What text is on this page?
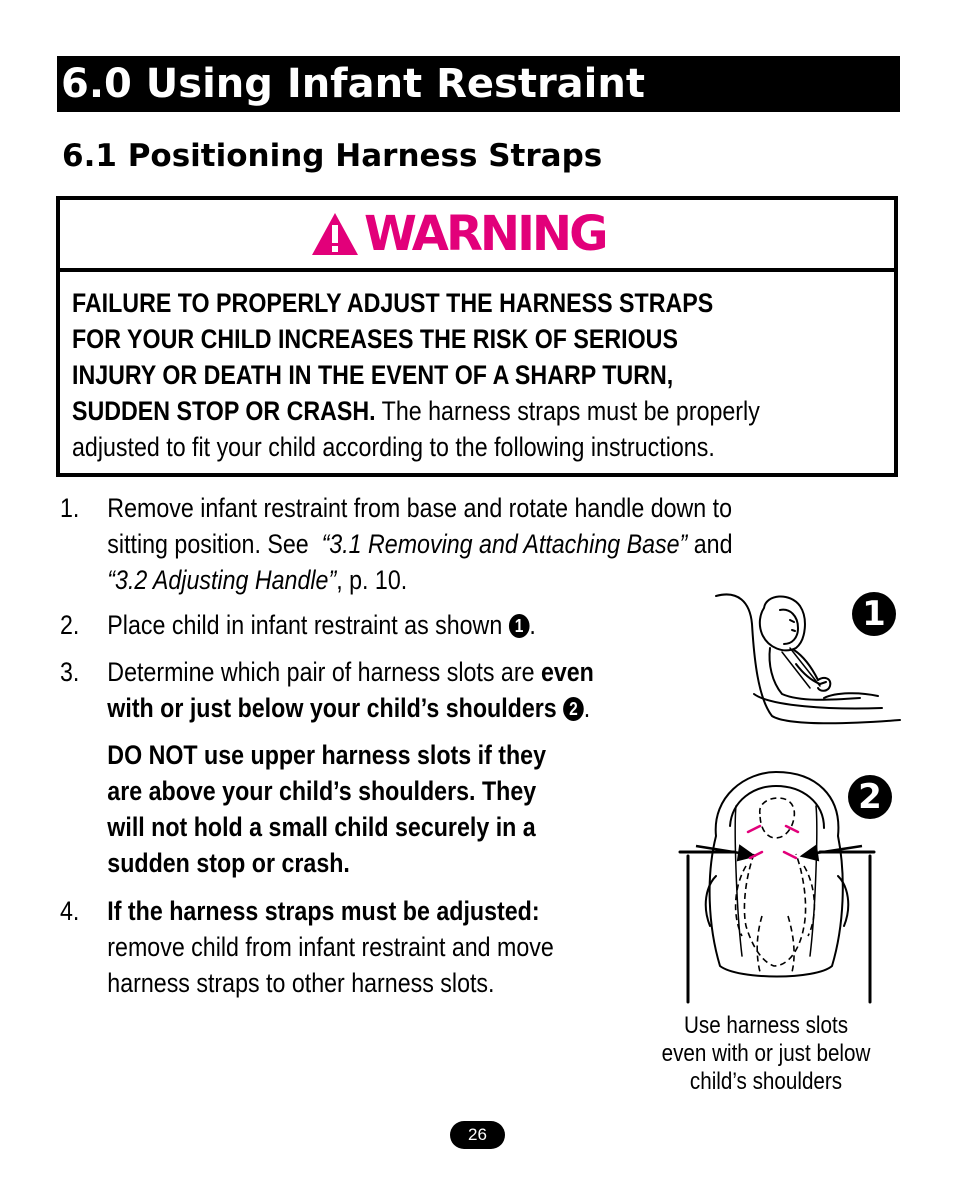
6.0 Using Infant Restraint
6.1 Positioning Harness Straps
WARNING
FAILURE TO PROPERLY ADJUST THE HARNESS STRAPS
FOR YOUR CHILD INCREASES THE RISK OF SERIOUS
INJURY OR DEATH IN THE EVENT OF A SHARP TURN,
SUDDEN STOP OR CRASH. The harness straps must be properly
adjusted to fit your child according to the following instructions.
1. Remove infant restraint from base and rotate handle down to
sitting position. See “3.1 Removing and Attaching Base” and
“3.2 Adjusting Handle”, p. 10.
2. Place child in infant restraint as shown 1 .
3. Determine which pair of harness slots are even
with or just below your child’s shoulders 2 .
DO NOT use upper harness slots if they
are above your child’s shoulders. They
will not hold a small child securely in a
sudden stop or crash.
4. If the harness straps must be adjusted:
remove child from infant restraint and move
harness straps to other harness slots.
1
2
Use harness slots
even with or just below
child’s shoulders
26
